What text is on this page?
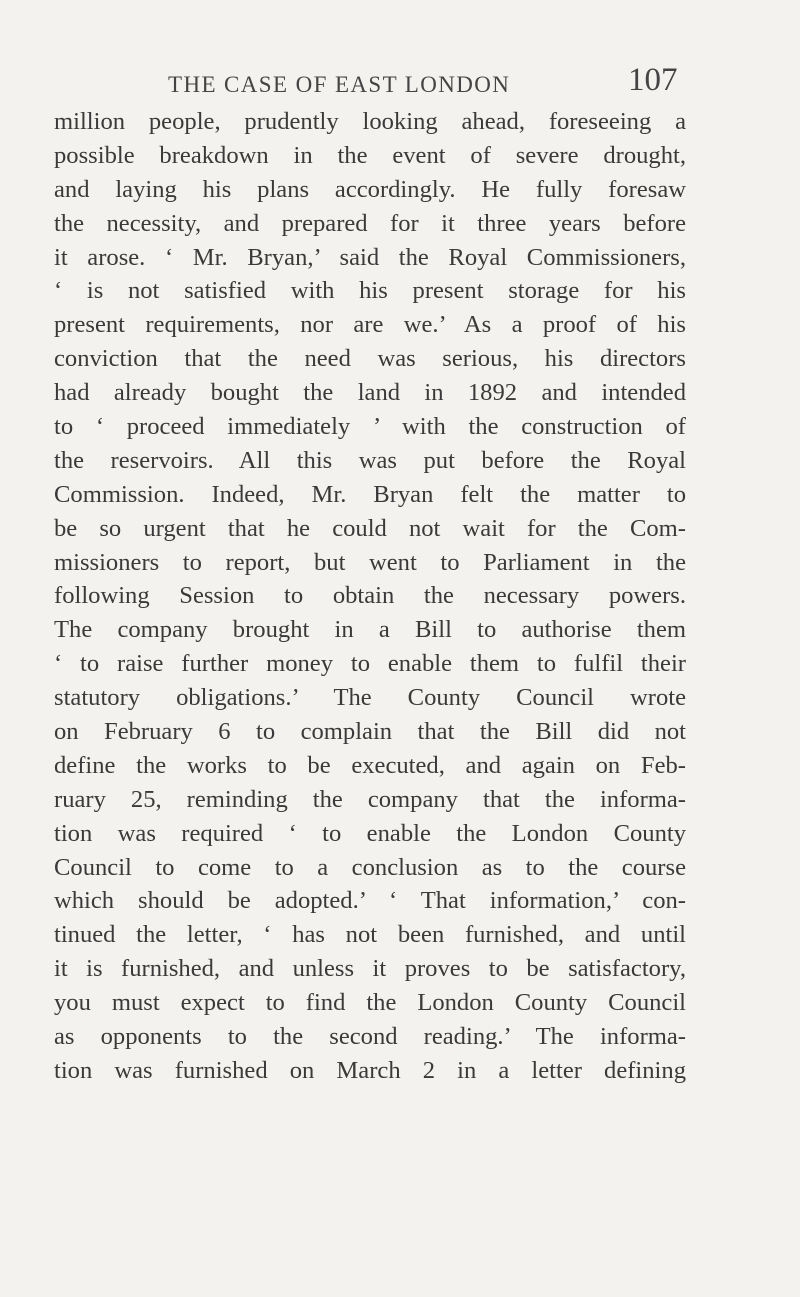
THE CASE OF EAST LONDON	107
million people, prudently looking ahead, foreseeing a
possible breakdown in the event of severe drought,
and laying his plans accordingly. He fully foresaw
the necessity, and prepared for it three years before
it arose. ‘ Mr. Bryan,’ said the Royal Commissioners,
‘ is not satisfied with his present storage for his
present requirements, nor are we.’ As a proof of his
conviction that the need was serious, his directors
had already bought the land in 1892 and intended
to ‘ proceed immediately ’ with the construction of
the reservoirs. All this was put before the Royal
Commission. Indeed, Mr. Bryan felt the matter to
be so urgent that he could not wait for the Com-
missioners to report, but went to Parliament in the
following Session to obtain the necessary powers.
The company brought in a Bill to authorise them
‘ to raise further money to enable them to fulfil their
statutory obligations.’ The County Council wrote
on February 6 to complain that the Bill did not
define the works to be executed, and again on Feb-
ruary 25, reminding the company that the informa-
tion was required ‘ to enable the London County
Council to come to a conclusion as to the course
which should be adopted.’ ‘ That information,’ con-
tinued the letter, ‘ has not been furnished, and until
it is furnished, and unless it proves to be satisfactory,
you must expect to find the London County Council
as opponents to the second reading.’ The informa-
tion was furnished on March 2 in a letter defining
